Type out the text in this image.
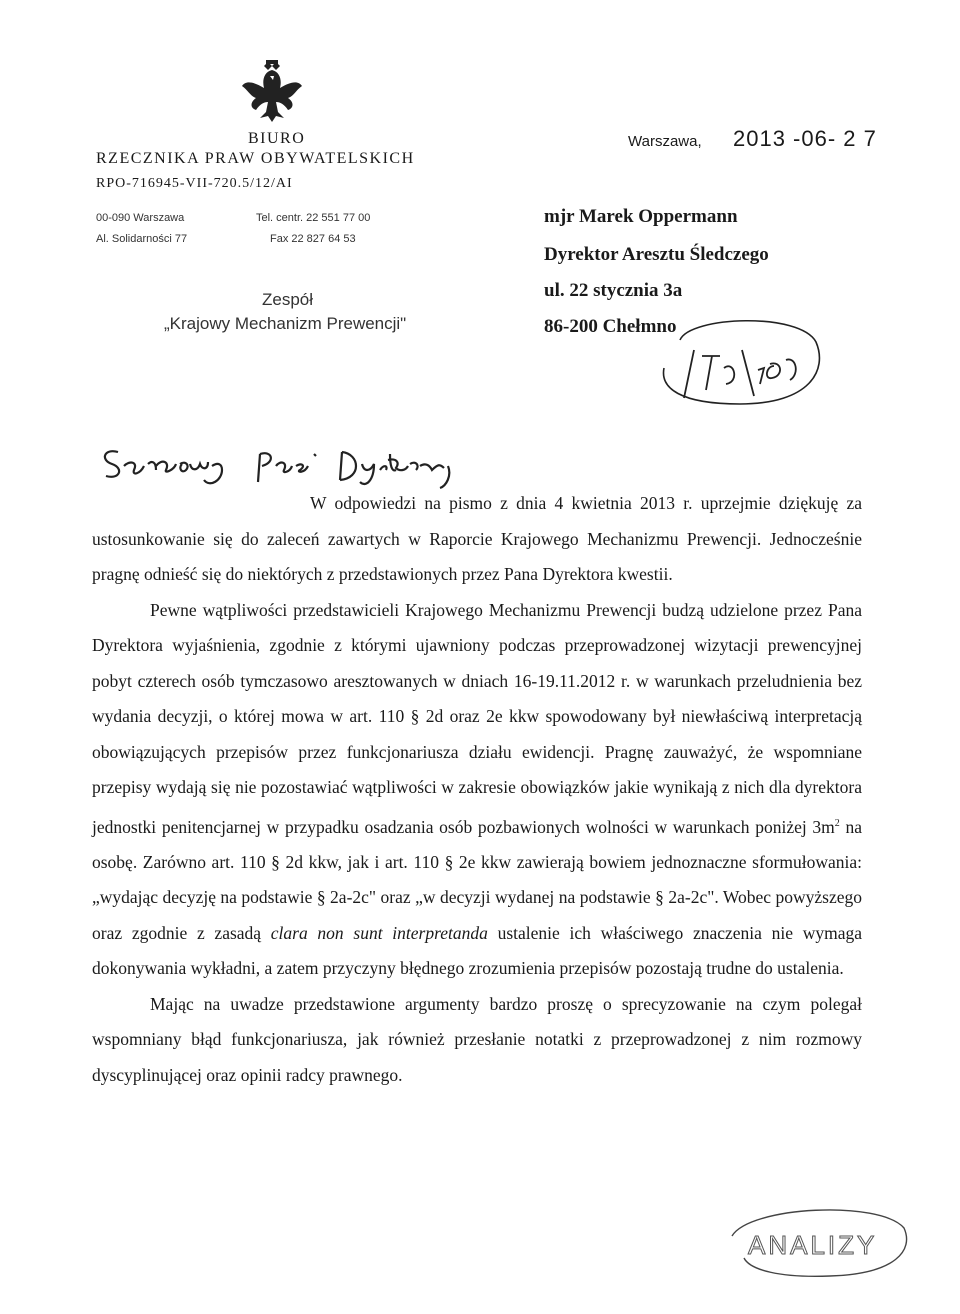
BIURO
RZECZNIKA PRAW OBYWATELSKICH
RPO-716945-VII-720.5/12/AI
00-090 Warszawa
Al. Solidarności 77
Tel. centr. 22 551 77 00
Fax 22 827 64 53
Zespół
„Krajowy Mechanizm Prewencji"
Warszawa, 2013 -06- 2 7
mjr Marek Oppermann
Dyrektor Aresztu Śledczego
ul. 22 stycznia 3a
86-200 Chełmno

W odpowiedzi na pismo z dnia 4 kwietnia 2013 r. uprzejmie dziękuję za ustosunkowanie się do zaleceń zawartych w Raporcie Krajowego Mechanizmu Prewencji. Jednocześnie pragnę odnieść się do niektórych z przedstawionych przez Pana Dyrektora kwestii.

Pewne wątpliwości przedstawicieli Krajowego Mechanizmu Prewencji budzą udzielone przez Pana Dyrektora wyjaśnienia, zgodnie z którymi ujawniony podczas przeprowadzonej wizytacji prewencyjnej pobyt czterech osób tymczasowo aresztowanych w dniach 16-19.11.2012 r. w warunkach przeludnienia bez wydania decyzji, o której mowa w art. 110 § 2d oraz 2e kkw spowodowany był niewłaściwą interpretacją obowiązujących przepisów przez funkcjonariusza działu ewidencji. Pragnę zauważyć, że wspomniane przepisy wydają się nie pozostawiać wątpliwości w zakresie obowiązków jakie wynikają z nich dla dyrektora jednostki penitencjarnej w przypadku osadzania osób pozbawionych wolności w warunkach poniżej $3m^2$ na osobę. Zarówno art. 110 § 2d kkw, jak i art. 110 § 2e kkw zawierają bowiem jednoznaczne sformułowania: „wydając decyzję na podstawie § 2a-2c" oraz „w decyzji wydanej na podstawie § 2a-2c". Wobec powyższego oraz zgodnie z zasadą clara non sunt interpretanda ustalenie ich właściwego znaczenia nie wymaga dokonywania wykładni, a zatem przyczyny błędnego zrozumienia przepisów pozostają trudne do ustalenia.

Mając na uwadze przedstawione argumenty bardzo proszę o sprecyzowanie na czym polegał wspomniany błąd funkcjonariusza, jak również przesłanie notatki z przeprowadzonej z nim rozmowy dyscyplinującej oraz opinii radcy prawnego.

ANALIZY
